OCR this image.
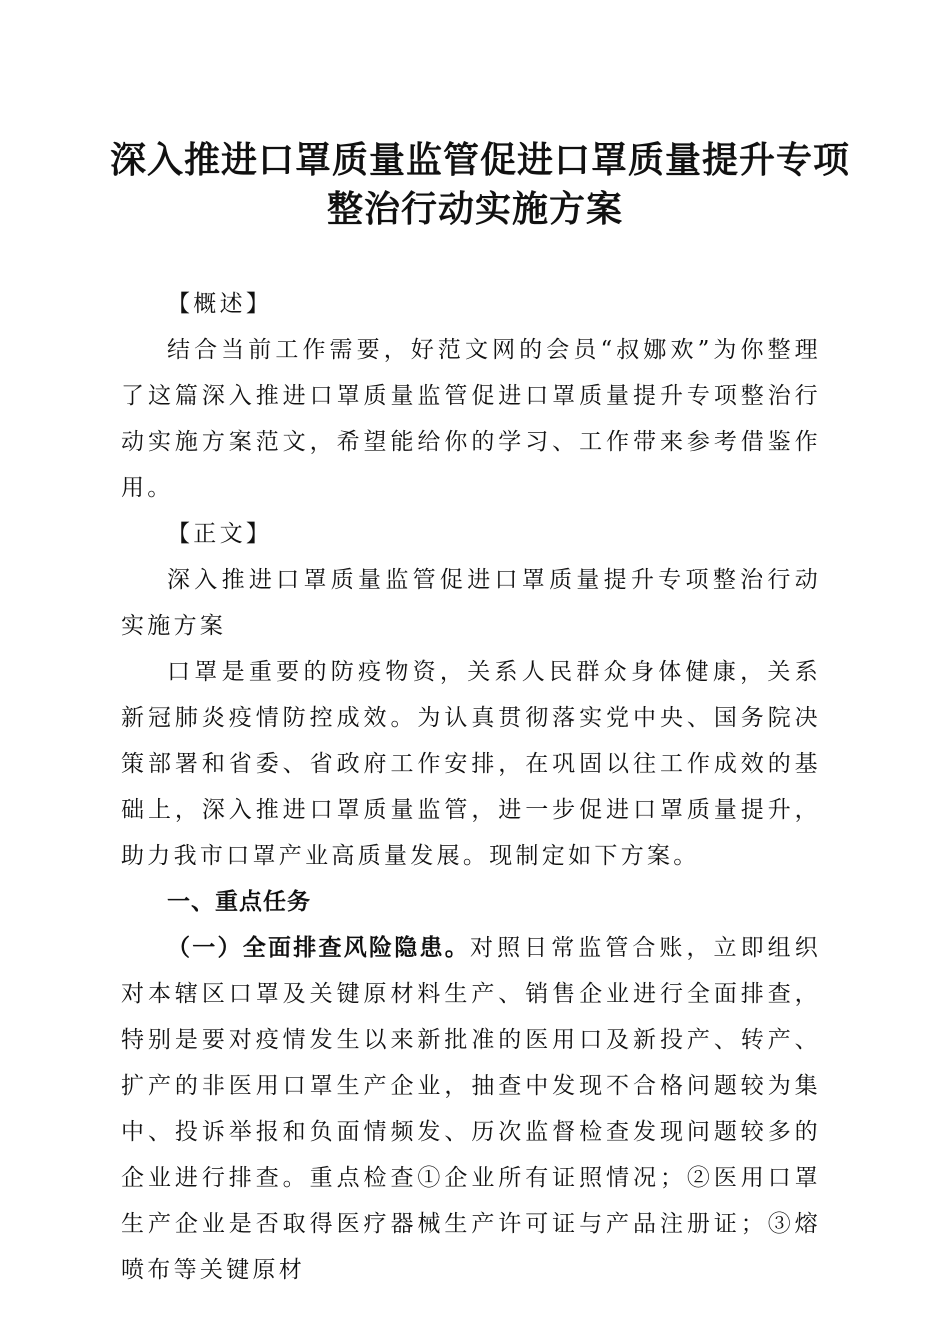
深入推进口罩质量监管促进口罩质量提升专项
整治行动实施方案

【概述】

结合当前工作需要，好范文网的会员“叔娜欢”为你整理了这篇深入推进口罩质量监管促进口罩质量提升专项整治行动实施方案范文，希望能给你的学习、工作带来参考借鉴作用。

【正文】

深入推进口罩质量监管促进口罩质量提升专项整治行动实施方案

口罩是重要的防疫物资，关系人民群众身体健康，关系新冠肺炎疫情防控成效。为认真贯彻落实党中央、国务院决策部署和省委、省政府工作安排，在巩固以往工作成效的基础上，深入推进口罩质量监管，进一步促进口罩质量提升，助力我市口罩产业高质量发展。现制定如下方案。

一、重点任务

（一）全面排查风险隐患。对照日常监管合账，立即组织对本辖区口罩及关键原材料生产、销售企业进行全面排查，特别是要对疫情发生以来新批准的医用口及新投产、转产、扩产的非医用口罩生产企业，抽查中发现不合格问题较为集中、投诉举报和负面情频发、历次监督检查发现问题较多的企业进行排查。重点检查①企业所有证照情况；②医用口罩生产企业是否取得医疗器械生产许可证与产品注册证；③熔喷布等关键原材
